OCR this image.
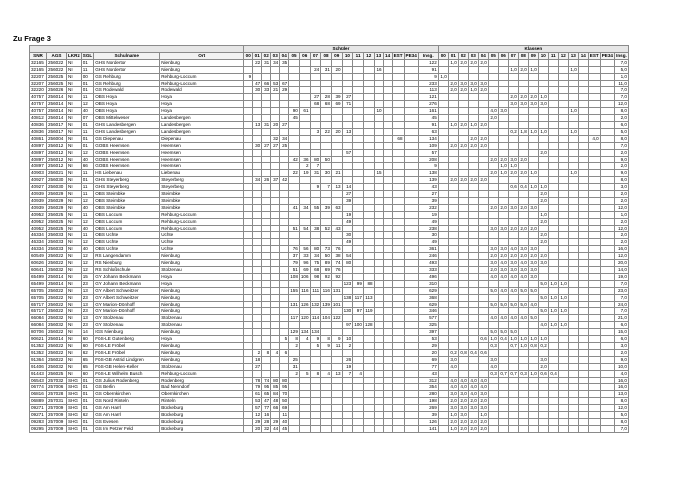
Zu Frage 3
						Schüler																		Klassen																	
SNR	AGS	LKRz	SGL	Schulname	Ort	00	01	02	03	04	05	06	07	08	09	10	11	12	13	14	EST	PE34	Insg.	00	01	02	03	04	05	06	07	08	09	10	11	12	13	14	EST	PE34	Insg.
32165	256022	NI	01	GHS Nordertor	Nienburg		22	31	34	35													122		1,0	2,0	2,0	2,0													7,0
32165	256022	NI	11	GHS Nordertor	Nienburg								24	31	20				16				91								1,0	2,0	1,0				1,0				5,0
32207	256025	NI	00	GS Rehburg	Rehburg-Loccum	9																	9	1,0																	1,0
32207	256025	NI	01	GS Rehburg	Rehburg-Loccum		47	66	53	67													233		2,0	3,0	3,0	3,0													11,0
32220	256026	NI	01	GS Rodewald	Rodewald		30	33	21	29													113		2,0	2,0	1,0	2,0													7,0
40757	256014	NI	11	OBS Hoya	Hoya								27	28	39	27							121								2,0	2,0	2,0	1,0							7,0
40757	256014	NI	12	OBS Hoya	Hoya								68	68	69	71							276								3,0	3,0	3,0	3,0							12,0
40757	256014	NI	40	OBS Hoya	Hoya						90	61							10				161						4,0	3,0							1,0				8,0
40812	256014	NI	07	OBS Mittelweser	Landesbergen						45												45						2,0												2,0
40836	256017	NI	01	GHS Landesbergen	Landesbergen		13	31	20	27													91		1,0	2,0	1,0	2,0													6,0
40836	256017	NI	11	GHS Landesbergen	Landesbergen								3	22	20	13							63								0,2	1,8	1,0	1,0			1,0				5,0
40861	256004	NI	01	GS Diepenau	Diepenau				32	34											68		134				2,0	2,0											4,0		8,0
40897	256012	NI	01	GOBS Heemsen	Heemsen		30	27	27	25													109		2,0	2,0	2,0	2,0													7,0
40897	256012	NI	12	GOBS Heemsen	Heemsen											57							57											2,0							2,0
40897	256012	NI	40	GOBS Heemsen	Heemsen						42	36	80	50									208						2,0	2,0	3,0	2,0									9,0
40897	256012	NI	66	GOBS Heemsen	Heemsen							2	7										9							1,0	1,0										2,0
40903	256021	NI	11	HS Liebenau	Liebenau						22	19	31	30	21				15				138						2,0	1,0	2,0	2,0	1,0				1,0				9,0
40927	256030	NI	01	GHS Steyerberg	Steyerberg		34	26	37	42													139		2,0	2,0	2,0	2,0													8,0
40927	256030	NI	11	GHS Steyerberg	Steyerberg								9	7	13	14							43								0,6	0,4	1,0	1,0							3,0
40939	256029	NI	11	OBS Steimbke	Steimbke											27							27											2,0							2,0
40939	256029	NI	12	OBS Steimbke	Steimbke											39							39											2,0							2,0
40939	256029	NI	40	OBS Steimbke	Steimbke						41	34	55	39	63								232						2,0	2,0	3,0	2,0	3,0								12,0
40952	256025	NI	11	OBS Loccum	Rehburg-Loccum											19							19											1,0							1,0
40952	256025	NI	12	OBS Loccum	Rehburg-Loccum											49							49											2,0							2,0
40952	256025	NI	40	OBS Loccum	Rehburg-Loccum						51	54	38	52	43								238						3,0	3,0	2,0	2,0	2,0								12,0
46334	256033	NI	11	OBS Uchte	Uchte											30							30											2,0							2,0
46334	256033	NI	12	OBS Uchte	Uchte											49							49											2,0							2,0
46334	256033	NI	40	OBS Uchte	Uchte						76	56	80	73	76								361						3,0	3,0	4,0	3,0	3,0								16,0
60549	256022	NI	12	RS Langendamm	Nienburg						37	33	34	50	38	54							246						2,0	2,0	2,0	2,0	2,0	2,0							12,0
60626	256022	NI	12	RS Nienburg	Nienburg						79	96	75	89	74	80							493						3,0	4,0	3,0	4,0	3,0	3,0							20,0
60641	256032	NI	12	RS Schloßschule	Stolzenau						51	69	68	69	76								333						2,0	3,0	3,0	3,0	3,0								14,0
65499	256014	NI	15	GY Johann Beckmann	Hoya						108	106	98	92	92								496						4,0	4,0	4,0	4,0	3,0								19,0
65499	256014	NI	23	GY Johann Beckmann	Hoya											123	99	88					310											5,0	1,0	1,0					7,0
65705	256022	NI	13	GY Albert Schweitzer	Nienburg						155	116	111	116	131								629						5,0	4,0	4,0	5,0	5,0								23,0
65705	256022	NI	23	GY Albert Schweitzer	Nienburg											138	117	113					368											5,0	1,0	1,0					7,0
65717	256022	NI	13	GY Marion-Dönhoff	Nienburg						131	126	132	139	101								629						5,0	5,0	5,0	5,0	4,0								24,0
65717	256022	NI	23	GY Marion-Dönhoff	Nienburg											130	97	119					346											5,0	1,0	1,0					7,0
66084	256032	NI	13	GY Stolzenau	Stolzenau						117	120	114	104	122								577						4,0	4,0	4,0	4,0	5,0								21,0
66084	256032	NI	23	GY Stolzenau	Stolzenau											97	100	128					325											4,0	1,0	1,0					6,0
80706	256022	NI	14	IGS Nienburg	Nienburg						129	134	134										397						5,0	5,0	5,0										15,0
90621	256014	NI	60	FöS-LE Gutenberg	Hoya					5	8	4	9	8	9	10							53					0,6	1,0	0,4	1,0	1,0	1,0	1,0							6,0
91352	256022	NI	60	FöS-LE Fröbel	Nienburg						2		5	9	11	2							29						0,3		0,7	1,0	0,8	0,2							3,0
91352	256022	NI	62	FöS-LE Fröbel	Nienburg		2	8	4	6													20		0,2	0,8	0,4	0,6													2,0
91364	256022	NI	65	FöS-GB Astrid Lindgren	Nienburg		18				25					26							69		3,0				3,0					3,0							9,0
91406	256032	NI	65	FöS-GB Helen-Keller	Stolzenau		27				31					19							77		4,0				4,0					2,0							10,0
91443	256025	NI	60	FöS-LE Wilhelm Busch	Rehburg-Loccum						2	5	8	4	13	7	4						43						0,3	0,7	0,7	0,3	1,0	0,6	0,4						4,0
06543	257032	SHG	01	GS Julius Rodenberg	Rodenberg		78	74	80	80													312		4,0	4,0	4,0	4,0													16,0
06774	257006	SHG	01	GS Berlin	Bad Nenndorf		79	95	85	95													354		4,0	4,0	4,0	4,0													16,0
06816	257028	SHG	01	GS Obernkirchen	Obernkirchen		61	65	84	70													280		3,0	3,0	4,0	3,0													13,0
06889	257031	SHG	01	GS Nord Rinteln	Rinteln		53	47	48	50													198		2,0	2,0	2,0	2,0													8,0
09271	257009	SHG	01	GS Am Harrl	Bückeburg		57	77	66	69													269		3,0	3,0	3,0	3,0													12,0
09271	257009	SHG	62	GS Am Harrl	Bückeburg		12	16		11													39		1,0	3,0		1,0													5,0
09283	257009	SHG	01	GS Evesen	Bückeburg		29	28	29	40													126		2,0	2,0	2,0	2,0													8,0
09295	257009	SHG	01	GS Im Petzer Feld	Bückeburg		20	32	44	45													141		1,0	2,0	2,0	2,0													7,0
